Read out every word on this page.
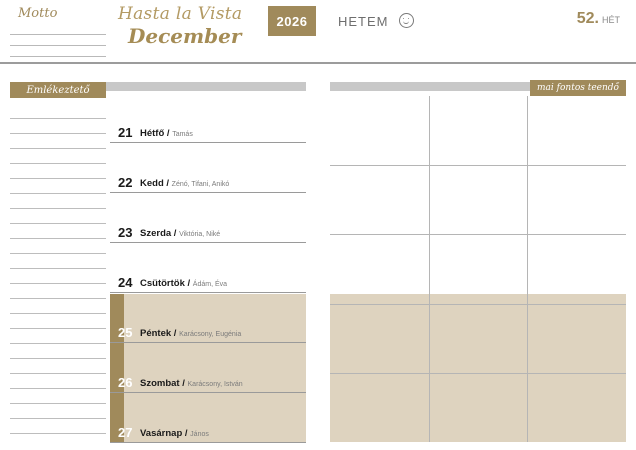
Motto	Hasta la Vista
December
2026	HETEM	52. HÉT
Emlékeztető
21 Hétfő / Tamás
22 Kedd / Zénó, Tifani, Anikó
23 Szerda / Viktória, Niké
24 Csütörtök / Ádám, Éva
25 Péntek / Karácsony, Eugénia
26 Szombat / Karácsony, István
27 Vasárnap / János
mai fontos teendő
